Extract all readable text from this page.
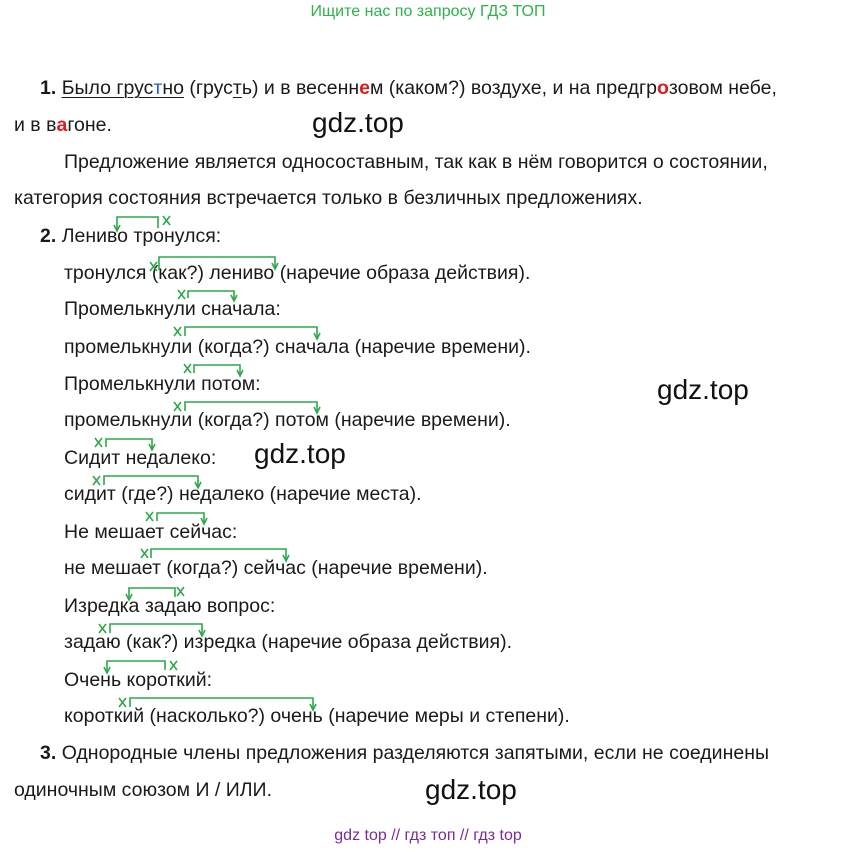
Ищите нас по запросу ГДЗ ТОП
1. Было грустно (грусть) и в весеннем (каком?) воздухе, и на предгрозовом небе,
и в вагоне.
Предложение является односоставным, так как в нём говорится о состоянии,
категория состояния встречается только в безличных предложениях.
2. Лениво тронулся:
тронулся (как?) лениво (наречие образа действия).
Промелькнули сначала:
промелькнули (когда?) сначала (наречие времени).
Промелькнули потом:
промелькнули (когда?) потом (наречие времени).
Сидит недалеко:
сидит (где?) недалеко (наречие места).
Не мешает сейчас:
не мешает (когда?) сейчас (наречие времени).
Изредка задаю вопрос:
задаю (как?) изредка (наречие образа действия).
Очень короткий:
короткий (насколько?) очень (наречие меры и степени).
3. Однородные члены предложения разделяются запятыми, если не соединены
одиночным союзом И / ИЛИ.
gdz.top
gdz.top
gdz.top
gdz.top
gdz top // гдз топ // гдз top
